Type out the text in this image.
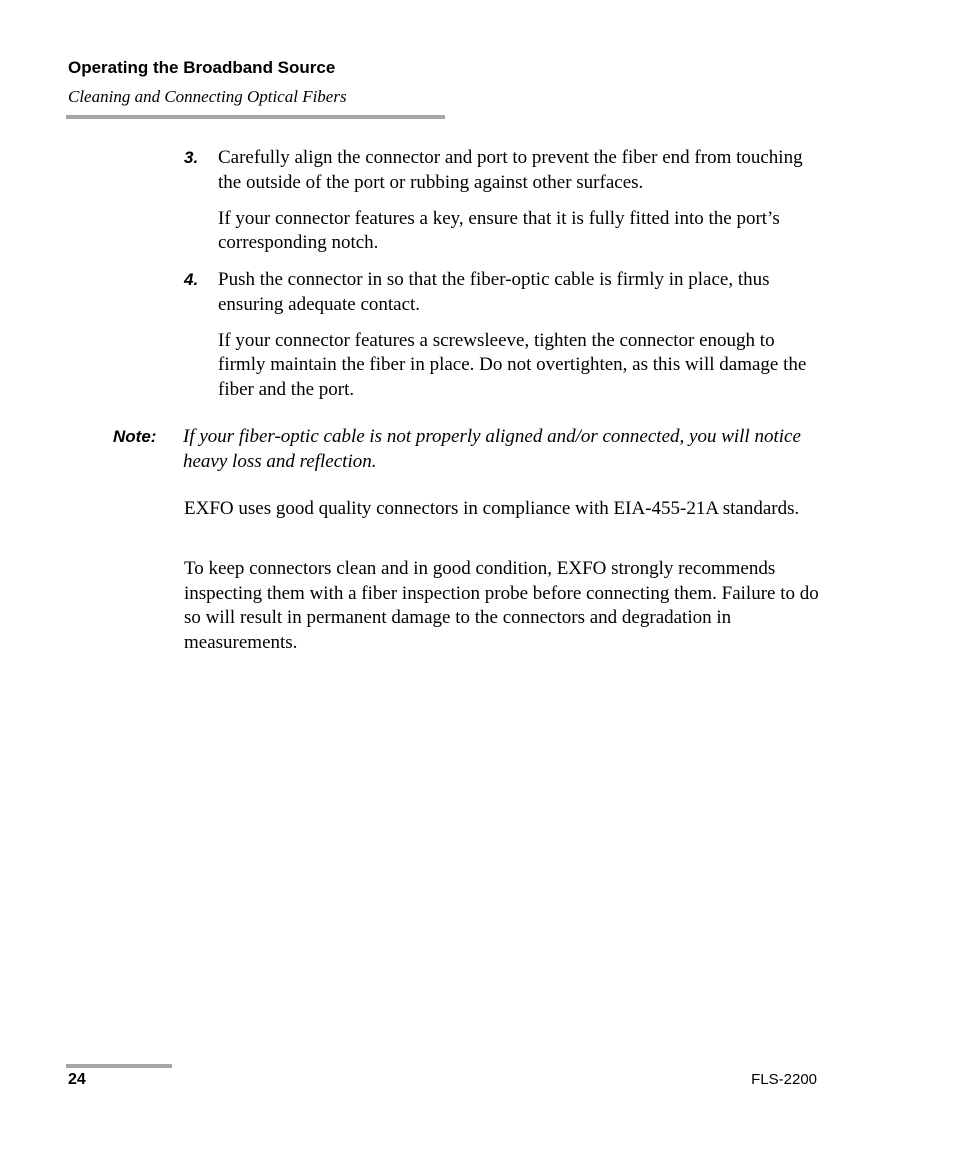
Operating the Broadband Source
Cleaning and Connecting Optical Fibers
3. Carefully align the connector and port to prevent the fiber end from touching the outside of the port or rubbing against other surfaces.

If your connector features a key, ensure that it is fully fitted into the port’s corresponding notch.

4. Push the connector in so that the fiber-optic cable is firmly in place, thus ensuring adequate contact.

If your connector features a screwsleeve, tighten the connector enough to firmly maintain the fiber in place. Do not overtighten, as this will damage the fiber and the port.

Note: If your fiber-optic cable is not properly aligned and/or connected, you will notice heavy loss and reflection.

EXFO uses good quality connectors in compliance with EIA-455-21A standards.

To keep connectors clean and in good condition, EXFO strongly recommends inspecting them with a fiber inspection probe before connecting them. Failure to do so will result in permanent damage to the connectors and degradation in measurements.

24	FLS-2200
